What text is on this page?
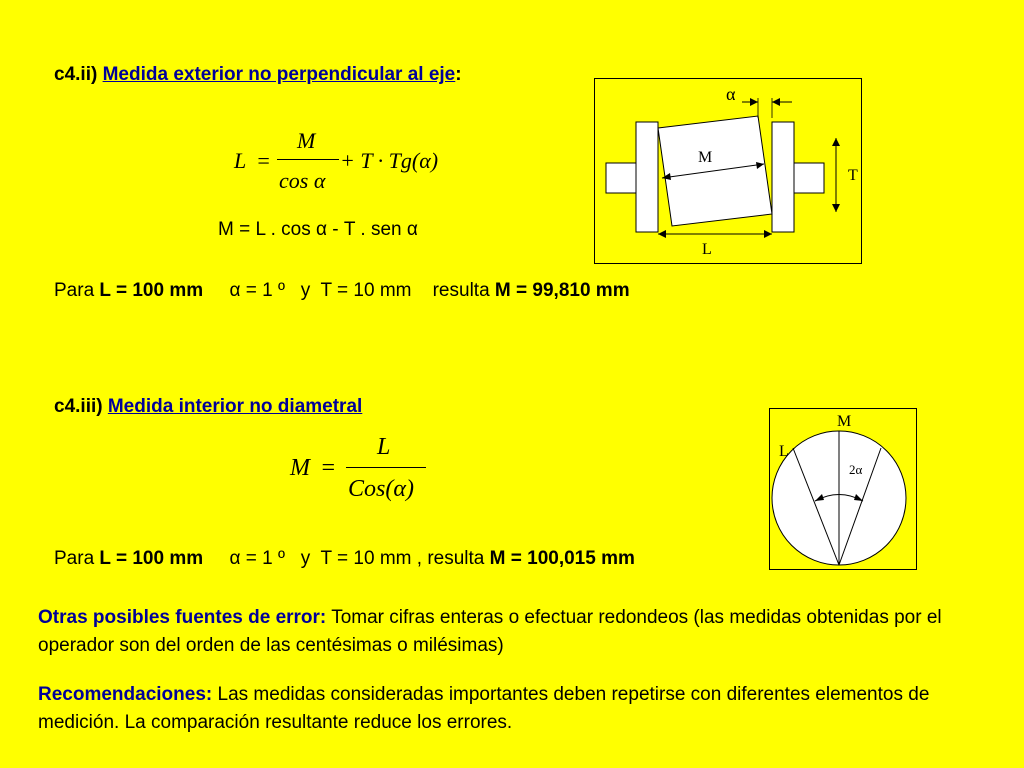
c4.ii) Medida exterior no perpendicular al eje:
L =
M
cos α
+ T · Tg(α)
M = L . cos α - T . sen α
Para L = 100 mm α = 1 º y  T = 10 mm    resulta M = 99,810 mm
M
L
T
α
c4.iii) Medida interior no diametral
M =
L
Cos(α)
Para L = 100 mm α = 1 º y  T = 10 mm , resulta M = 100,015 mm
M
L
2α
Otras posibles fuentes de error: Tomar cifras enteras o efectuar redondeos (las medidas obtenidas por el operador son del orden de las centésimas o milésimas)
Recomendaciones: Las medidas consideradas importantes deben repetirse con diferentes elementos de medición. La comparación resultante reduce los errores.
